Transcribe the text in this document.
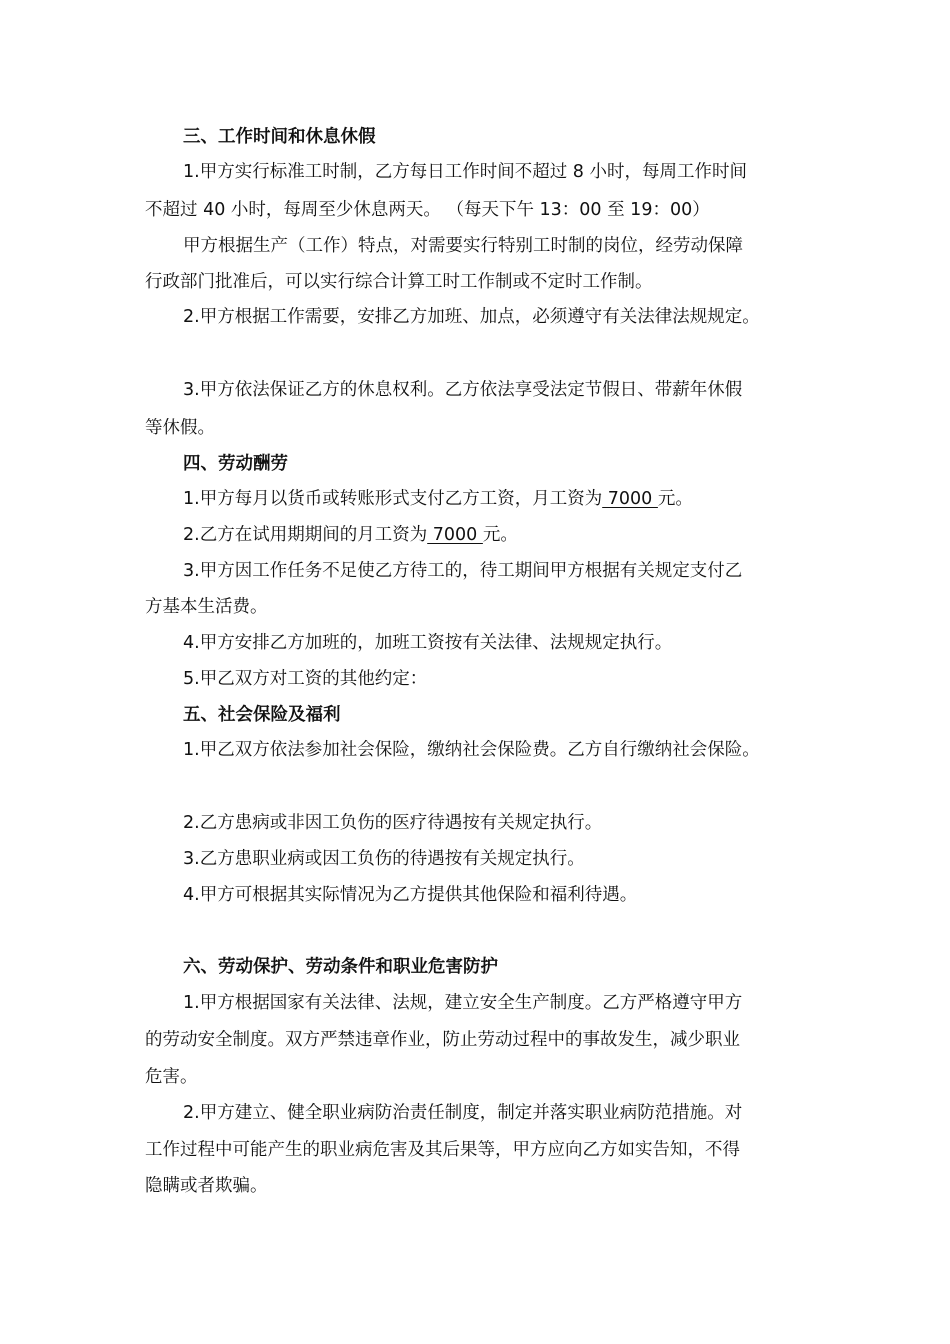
三、工作时间和休息休假
1.甲方实行标准工时制，乙方每日工作时间不超过 8 小时，每周工作时间
不超过 40 小时，每周至少休息两天。 （每天下午 13：00 至 19：00）
甲方根据生产（工作）特点，对需要实行特别工时制的岗位，经劳动保障
行政部门批准后，可以实行综合计算工时工作制或不定时工作制。
2.甲方根据工作需要，安排乙方加班、加点，必须遵守有关法律法规规定。
3.甲方依法保证乙方的休息权利。乙方依法享受法定节假日、带薪年休假
等休假。
四、劳动酬劳
1.甲方每月以货币或转账形式支付乙方工资，月工资为 7000 元。
2.乙方在试用期期间的月工资为 7000 元。
3.甲方因工作任务不足使乙方待工的，待工期间甲方根据有关规定支付乙
方基本生活费。
4.甲方安排乙方加班的，加班工资按有关法律、法规规定执行。
5.甲乙双方对工资的其他约定：
五、社会保险及福利
1.甲乙双方依法参加社会保险，缴纳社会保险费。乙方自行缴纳社会保险。
2.乙方患病或非因工负伤的医疗待遇按有关规定执行。
3.乙方患职业病或因工负伤的待遇按有关规定执行。
4.甲方可根据其实际情况为乙方提供其他保险和福利待遇。
六、劳动保护、劳动条件和职业危害防护
1.甲方根据国家有关法律、法规，建立安全生产制度。乙方严格遵守甲方
的劳动安全制度。双方严禁违章作业，防止劳动过程中的事故发生，减少职业
危害。
2.甲方建立、健全职业病防治责任制度，制定并落实职业病防范措施。对
工作过程中可能产生的职业病危害及其后果等，甲方应向乙方如实告知，不得
隐瞒或者欺骗。
